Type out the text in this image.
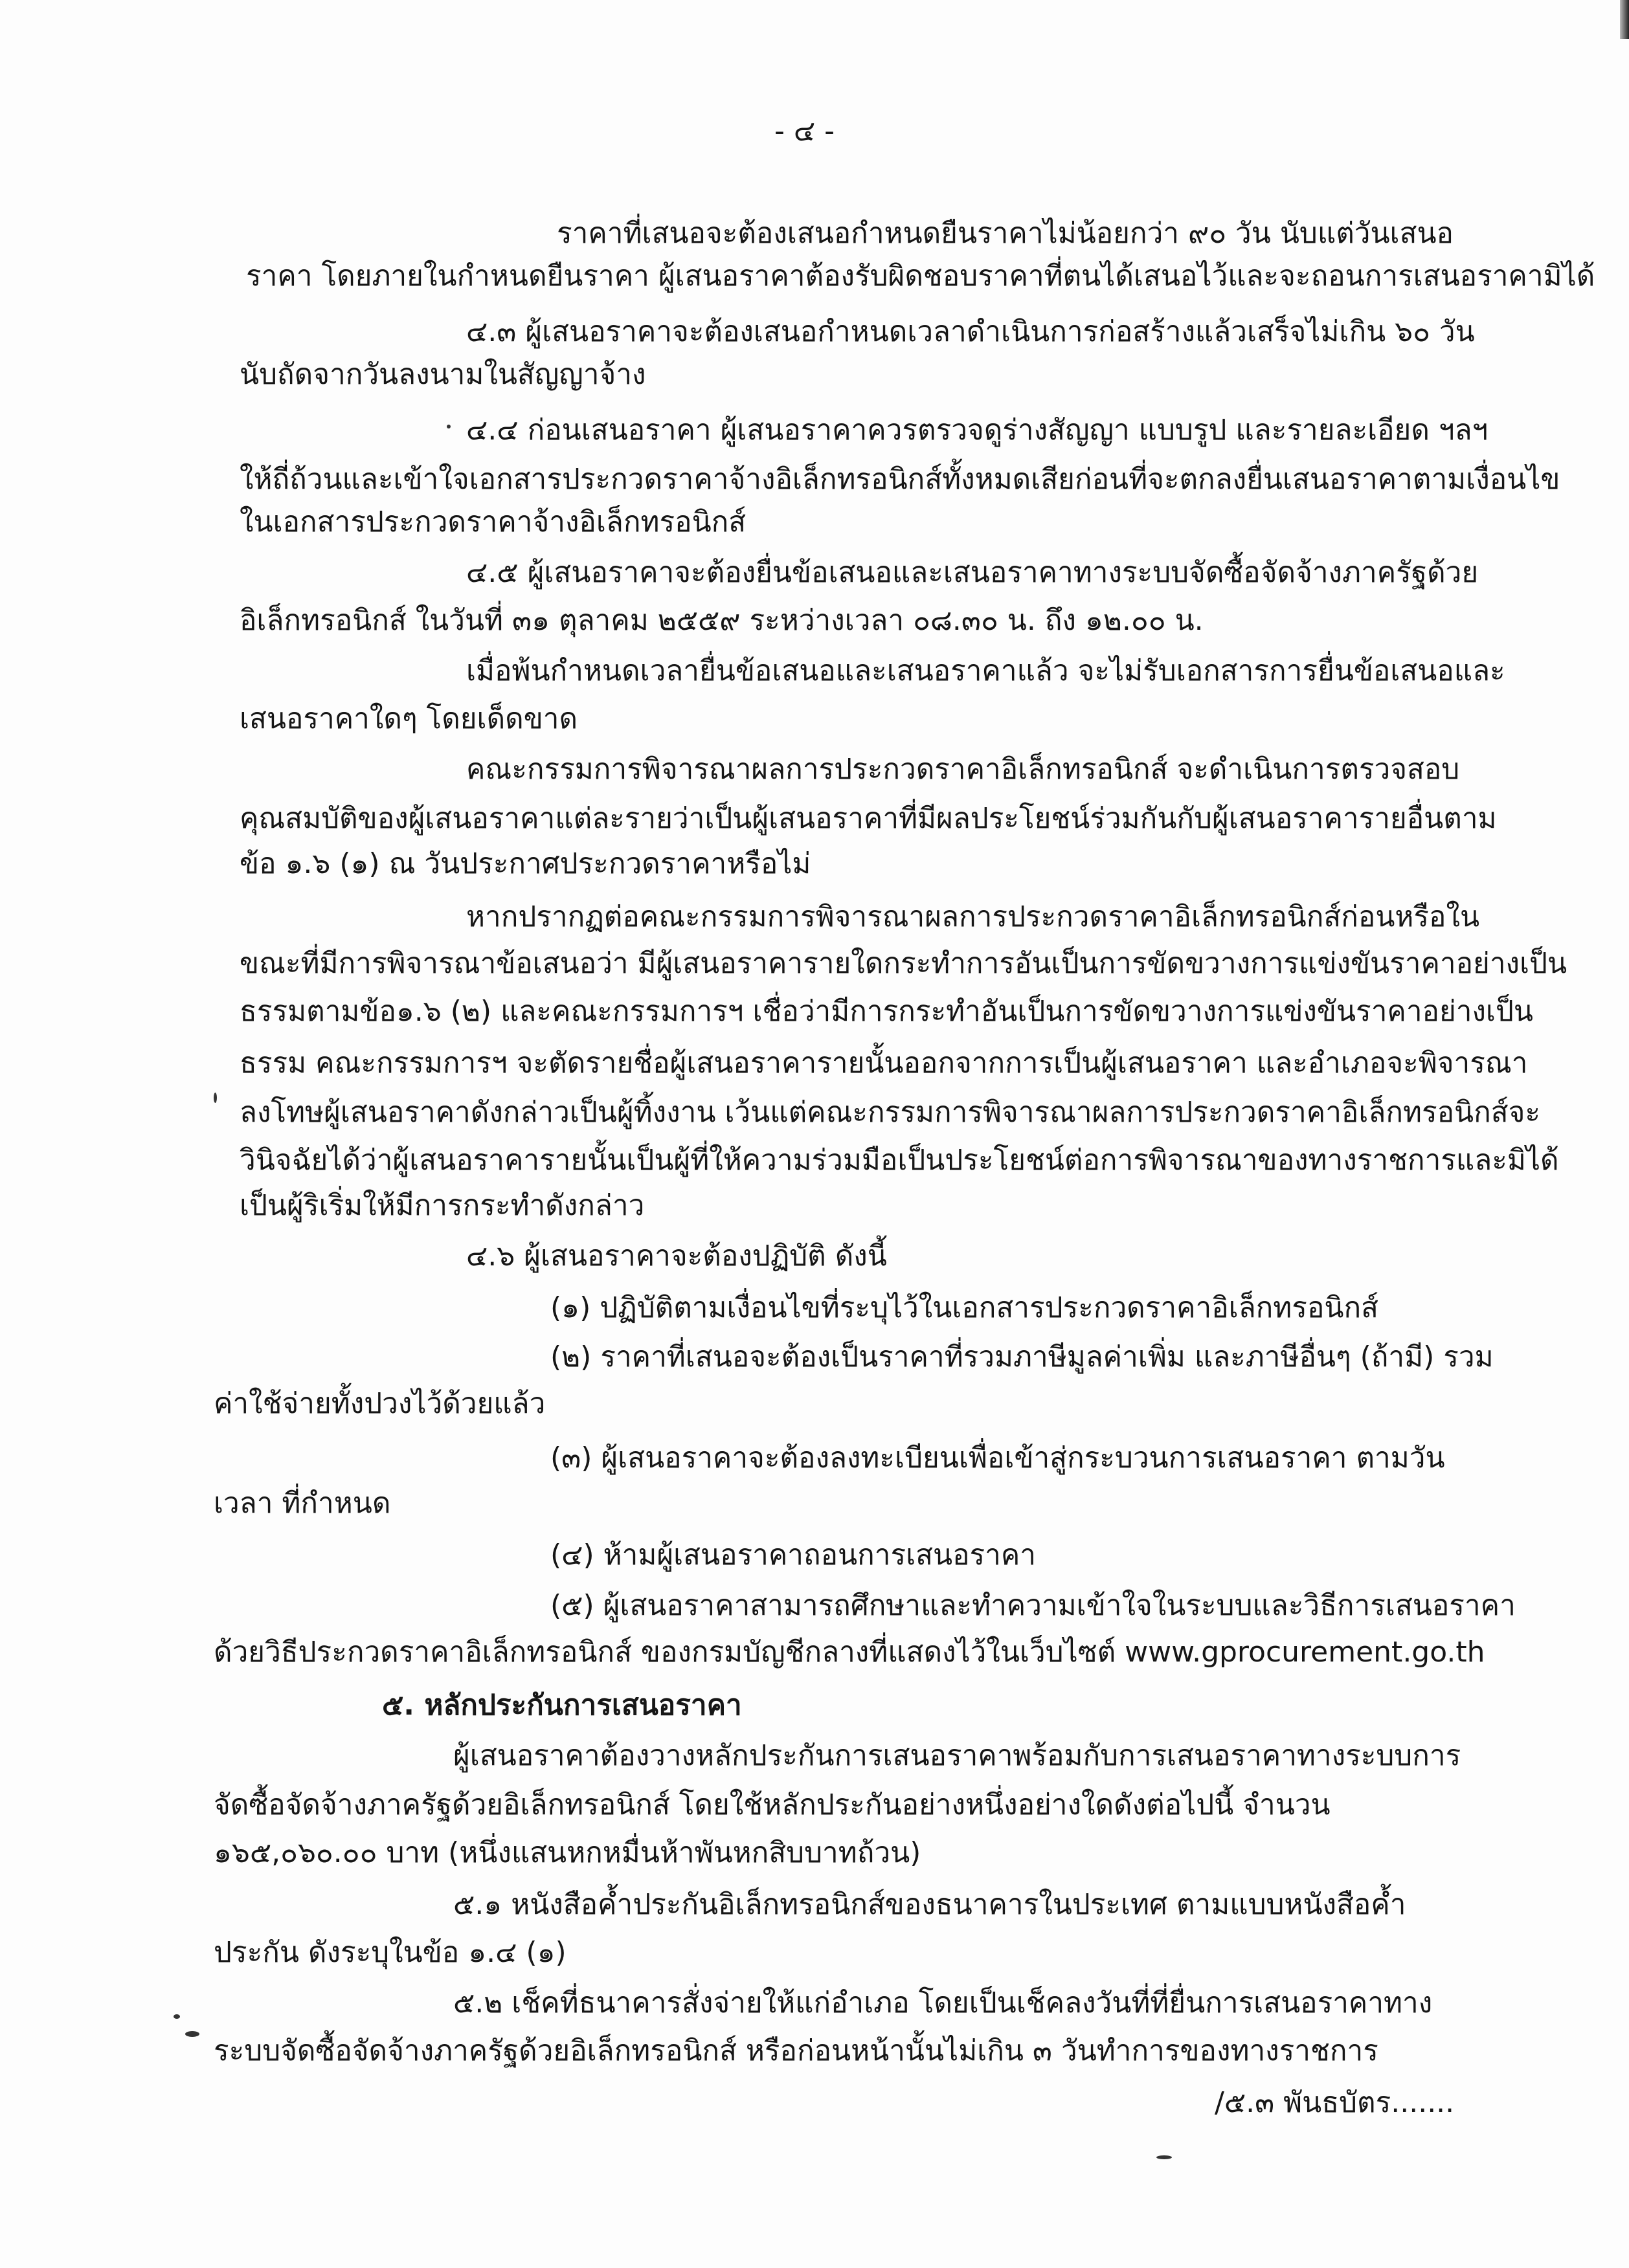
- ๔ -
ราคาที่เสนอจะต้องเสนอกำหนดยืนราคาไม่น้อยกว่า ๙๐ วัน นับแต่วันเสนอ
ราคา โดยภายในกำหนดยืนราคา ผู้เสนอราคาต้องรับผิดชอบราคาที่ตนได้เสนอไว้และจะถอนการเสนอราคามิได้
๔.๓ ผู้เสนอราคาจะต้องเสนอกำหนดเวลาดำเนินการก่อสร้างแล้วเสร็จไม่เกิน ๖๐ วัน
นับถัดจากวันลงนามในสัญญาจ้าง
๔.๔ ก่อนเสนอราคา ผู้เสนอราคาควรตรวจดูร่างสัญญา แบบรูป และรายละเอียด ฯลฯ
ให้ถี่ถ้วนและเข้าใจเอกสารประกวดราคาจ้างอิเล็กทรอนิกส์ทั้งหมดเสียก่อนที่จะตกลงยื่นเสนอราคาตามเงื่อนไข
ในเอกสารประกวดราคาจ้างอิเล็กทรอนิกส์
๔.๕ ผู้เสนอราคาจะต้องยื่นข้อเสนอและเสนอราคาทางระบบจัดซื้อจัดจ้างภาครัฐด้วย
อิเล็กทรอนิกส์ ในวันที่ ๓๑ ตุลาคม ๒๕๕๙ ระหว่างเวลา ๐๘.๓๐ น. ถึง ๑๒.๐๐ น.
เมื่อพ้นกำหนดเวลายื่นข้อเสนอและเสนอราคาแล้ว จะไม่รับเอกสารการยื่นข้อเสนอและ
เสนอราคาใดๆ โดยเด็ดขาด
คณะกรรมการพิจารณาผลการประกวดราคาอิเล็กทรอนิกส์ จะดำเนินการตรวจสอบ
คุณสมบัติของผู้เสนอราคาแต่ละรายว่าเป็นผู้เสนอราคาที่มีผลประโยชน์ร่วมกันกับผู้เสนอราคารายอื่นตาม
ข้อ ๑.๖ (๑) ณ วันประกาศประกวดราคาหรือไม่
หากปรากฏต่อคณะกรรมการพิจารณาผลการประกวดราคาอิเล็กทรอนิกส์ก่อนหรือใน
ขณะที่มีการพิจารณาข้อเสนอว่า มีผู้เสนอราคารายใดกระทำการอันเป็นการขัดขวางการแข่งขันราคาอย่างเป็น
ธรรมตามข้อ๑.๖ (๒) และคณะกรรมการฯ เชื่อว่ามีการกระทำอันเป็นการขัดขวางการแข่งขันราคาอย่างเป็น
ธรรม คณะกรรมการฯ จะตัดรายชื่อผู้เสนอราคารายนั้นออกจากการเป็นผู้เสนอราคา และอำเภอจะพิจารณา
ลงโทษผู้เสนอราคาดังกล่าวเป็นผู้ทิ้งงาน เว้นแต่คณะกรรมการพิจารณาผลการประกวดราคาอิเล็กทรอนิกส์จะ
วินิจฉัยได้ว่าผู้เสนอราคารายนั้นเป็นผู้ที่ให้ความร่วมมือเป็นประโยชน์ต่อการพิจารณาของทางราชการและมิได้
เป็นผู้ริเริ่มให้มีการกระทำดังกล่าว
๔.๖ ผู้เสนอราคาจะต้องปฏิบัติ ดังนี้
(๑) ปฏิบัติตามเงื่อนไขที่ระบุไว้ในเอกสารประกวดราคาอิเล็กทรอนิกส์
(๒) ราคาที่เสนอจะต้องเป็นราคาที่รวมภาษีมูลค่าเพิ่ม และภาษีอื่นๆ (ถ้ามี) รวม
ค่าใช้จ่ายทั้งปวงไว้ด้วยแล้ว
(๓) ผู้เสนอราคาจะต้องลงทะเบียนเพื่อเข้าสู่กระบวนการเสนอราคา ตามวัน
เวลา ที่กำหนด
(๔) ห้ามผู้เสนอราคาถอนการเสนอราคา
(๕) ผู้เสนอราคาสามารถศึกษาและทำความเข้าใจในระบบและวิธีการเสนอราคา
ด้วยวิธีประกวดราคาอิเล็กทรอนิกส์ ของกรมบัญชีกลางที่แสดงไว้ในเว็บไซต์ www.gprocurement.go.th
๕. หลักประกันการเสนอราคา
ผู้เสนอราคาต้องวางหลักประกันการเสนอราคาพร้อมกับการเสนอราคาทางระบบการ
จัดซื้อจัดจ้างภาครัฐด้วยอิเล็กทรอนิกส์ โดยใช้หลักประกันอย่างหนึ่งอย่างใดดังต่อไปนี้ จำนวน
๑๖๕,๐๖๐.๐๐ บาท (หนึ่งแสนหกหมื่นห้าพันหกสิบบาทถ้วน)
๕.๑ หนังสือค้ำประกันอิเล็กทรอนิกส์ของธนาคารในประเทศ ตามแบบหนังสือค้ำ
ประกัน ดังระบุในข้อ ๑.๔ (๑)
๕.๒ เช็คที่ธนาคารสั่งจ่ายให้แก่อำเภอ โดยเป็นเช็คลงวันที่ที่ยื่นการเสนอราคาทาง
ระบบจัดซื้อจัดจ้างภาครัฐด้วยอิเล็กทรอนิกส์ หรือก่อนหน้านั้นไม่เกิน ๓ วันทำการของทางราชการ
/๕.๓ พันธบัตร.......
